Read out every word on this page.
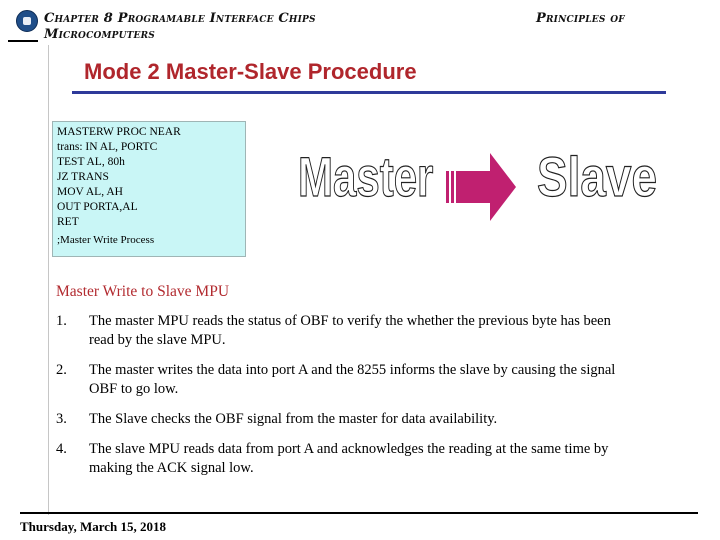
Chapter 8 Programable Interface Chips
Microcomputers
Principles of
Mode 2 Master-Slave Procedure
MASTERW PROC NEAR
trans: IN AL, PORTC
TEST AL, 80h
JZ TRANS
MOV AL, AH
OUT PORTA,AL
RET
;Master Write Process
Master Slave
Master Write to Slave MPU
1. The master MPU reads the status of OBF to verify the whether the previous byte has been read by the slave MPU.
2. The master writes the data into port A and the 8255 informs the slave by causing the signal OBF to go low.
3. The Slave checks the OBF signal from the master for data availability.
4. The slave MPU reads data from port A and acknowledges the reading at the same time by making the ACK signal low.
Thursday, March 15, 2018
